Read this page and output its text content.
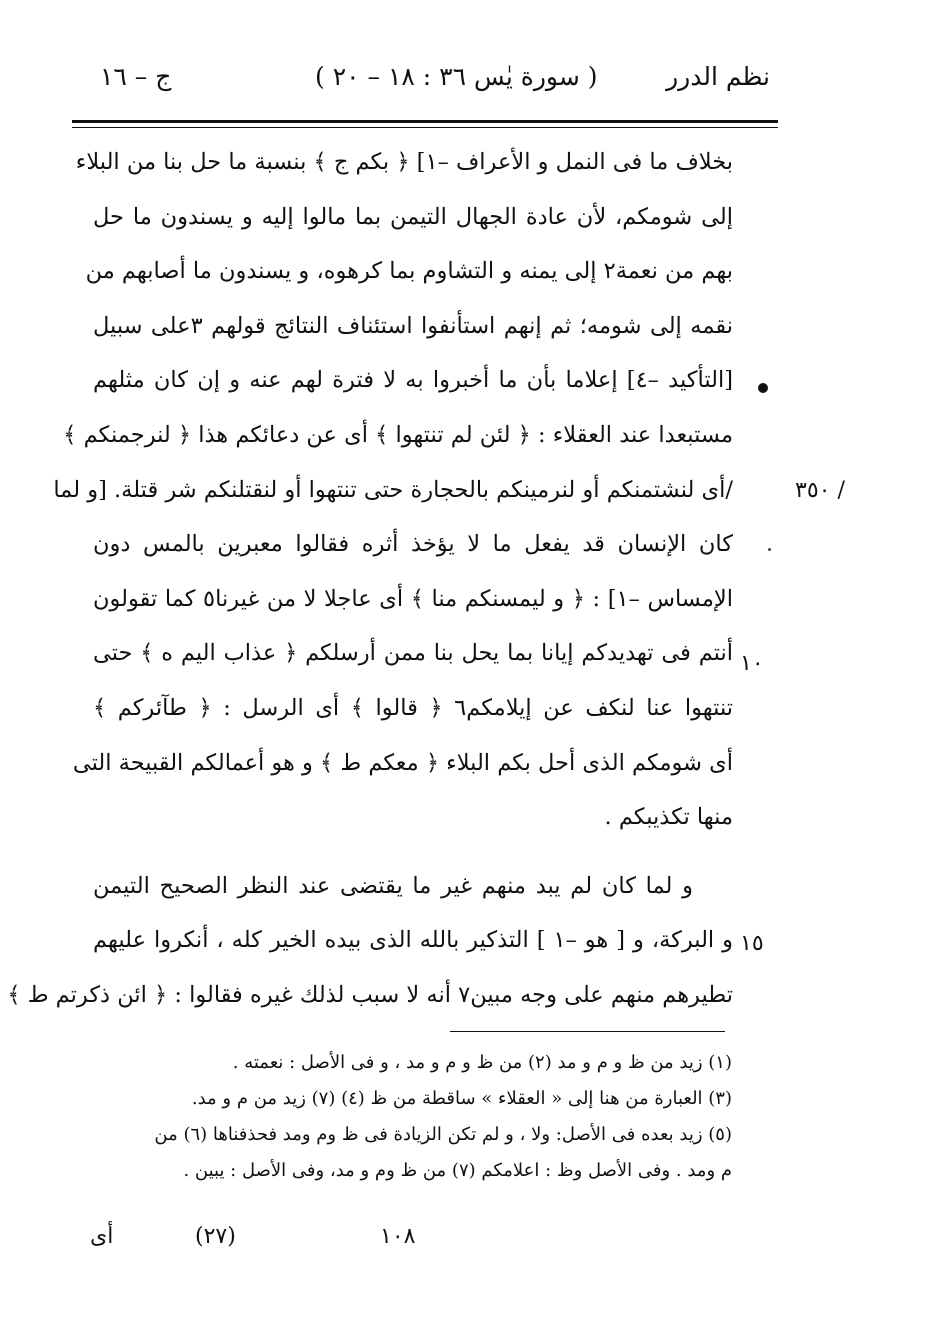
نظم الدرر
( سورة يٰس ٣٦ : ١٨ – ٢٠ )
ج – ١٦
بخلاف ما فى النمل و الأعراف –١] ﴿ بكم ج ﴾ بنسبة ما حل بنا من البلاء
إلى شومكم، لأن عادة الجهال التيمن بما مالوا إليه و يسندون ما حل
بهم من نعمة٢ إلى يمنه و التشاوم بما كرهوه، و يسندون ما أصابهم من
نقمه إلى شومه؛ ثم إنهم استأنفوا استئناف النتائج قولهم ٣على سبيل
[التأكيد –٤] إعلاما بأن ما أخبروا به لا فترة لهم عنه و إن كان مثلهم
مستبعدا عند العقلاء : ﴿ لئن لم تنتهوا ﴾ أى عن دعائكم هذا ﴿ لنرجمنكم ﴾
/أى لنشتمنكم أو لنرمينكم بالحجارة حتى تنتهوا أو لنقتلنكم شر قتلة. [و لما
كان الإنسان قد يفعل ما لا يؤخذ أثره فقالوا معبرين بالمس دون
الإمساس –١] : ﴿ و ليمسنكم منا ﴾ أى عاجلا لا من غيرنا٥ كما تقولون
أنتم فى تهديدكم إيانا بما يحل بنا ممن أرسلكم ﴿ عذاب اليم ه ﴾ حتى
تنتهوا عنا لنكف عن إيلامكم٦ ﴿ قالوا ﴾ أى الرسل : ﴿ طآئركم ﴾
أى شومكم الذى أحل بكم البلاء ﴿ معكم ط ﴾ و هو أعمالكم القبيحة التى
منها تكذيبكم .
و لما كان لم يبد منهم غير ما يقتضى عند النظر الصحيح التيمن
و البركة، و [ هو –١ ] التذكير بالله الذى بيده الخير كله ، أنكروا عليهم
تطيرهم منهم على وجه مبين٧ أنه لا سبب لذلك غيره فقالوا : ﴿ ائن ذكرتم ط ﴾
٣٥٠ /
١٠
١٥
(١) زيد من ظ و م و مد (٢) من ظ و م و مد ، و فى الأصل : نعمته .
(٣) العبارة من هنا إلى « العقلاء » ساقطة من ظ (٤) (٧) زيد من م و مد.
(٥) زيد بعده فى الأصل: ولا ، و لم تكن الزيادة فى ظ وم ومد فحذفناها (٦) من
م ومد . وفى الأصل وظ : اعلامكم (٧) من ظ وم و مد، وفى الأصل : يبين .
أى	(٢٧)	١٠٨
